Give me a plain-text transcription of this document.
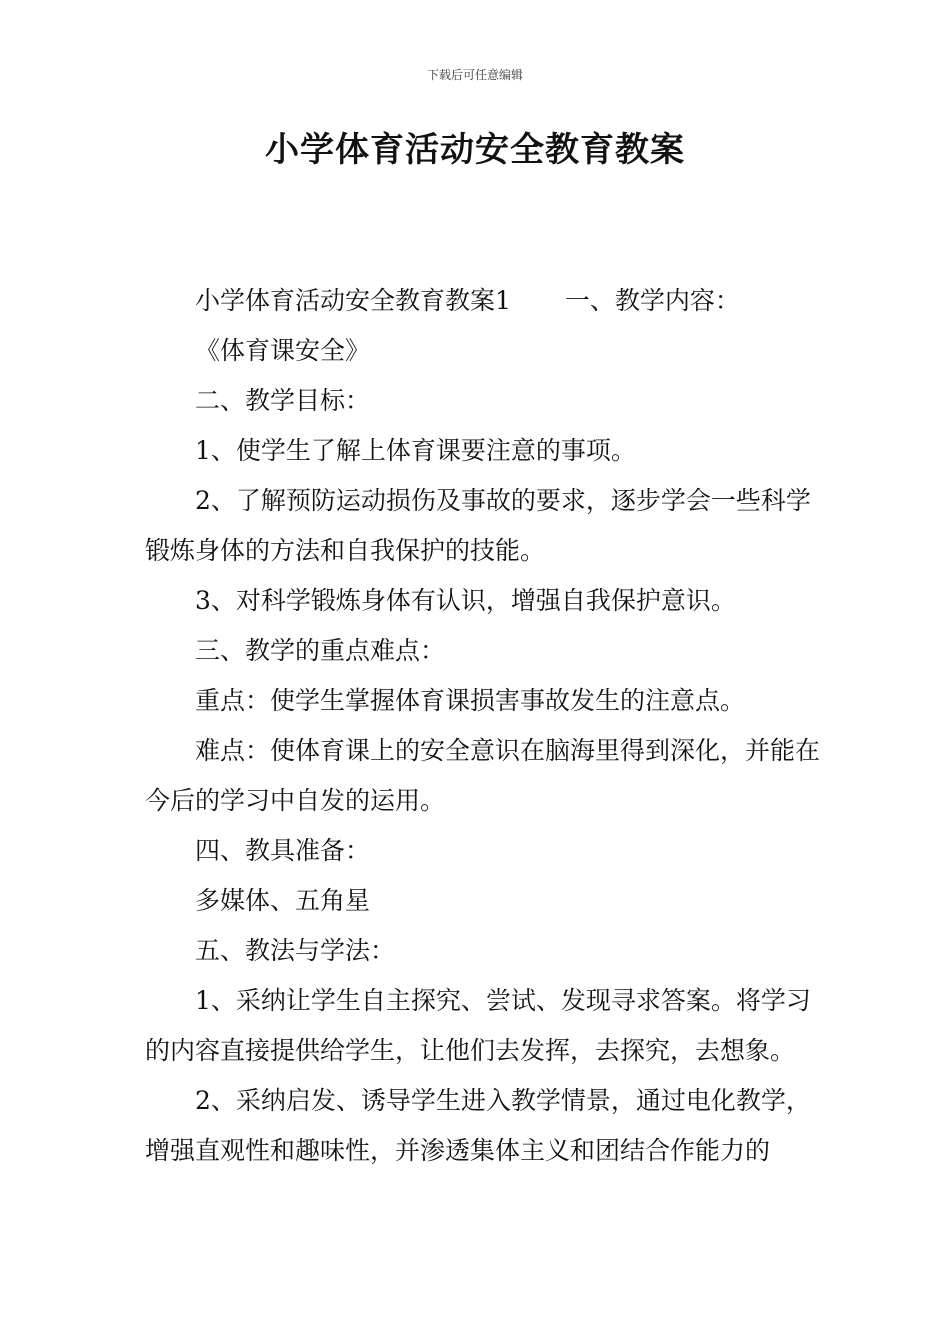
下载后可任意编辑
小学体育活动安全教育教案

小学体育活动安全教育教案1 一、教学内容：

《体育课安全》

二、教学目标：

1、使学生了解上体育课要注意的事项。

2、了解预防运动损伤及事故的要求，逐步学会一些科学锻炼身体的方法和自我保护的技能。

3、对科学锻炼身体有认识，增强自我保护意识。

三、教学的重点难点：

重点：使学生掌握体育课损害事故发生的注意点。

难点：使体育课上的安全意识在脑海里得到深化，并能在今后的学习中自发的运用。

四、教具准备：

多媒体、五角星

五、教法与学法：

1、采纳让学生自主探究、尝试、发现寻求答案。将学习的内容直接提供给学生，让他们去发挥，去探究，去想象。

2、采纳启发、诱导学生进入教学情景，通过电化教学，增强直观性和趣味性，并渗透集体主义和团结合作能力的
